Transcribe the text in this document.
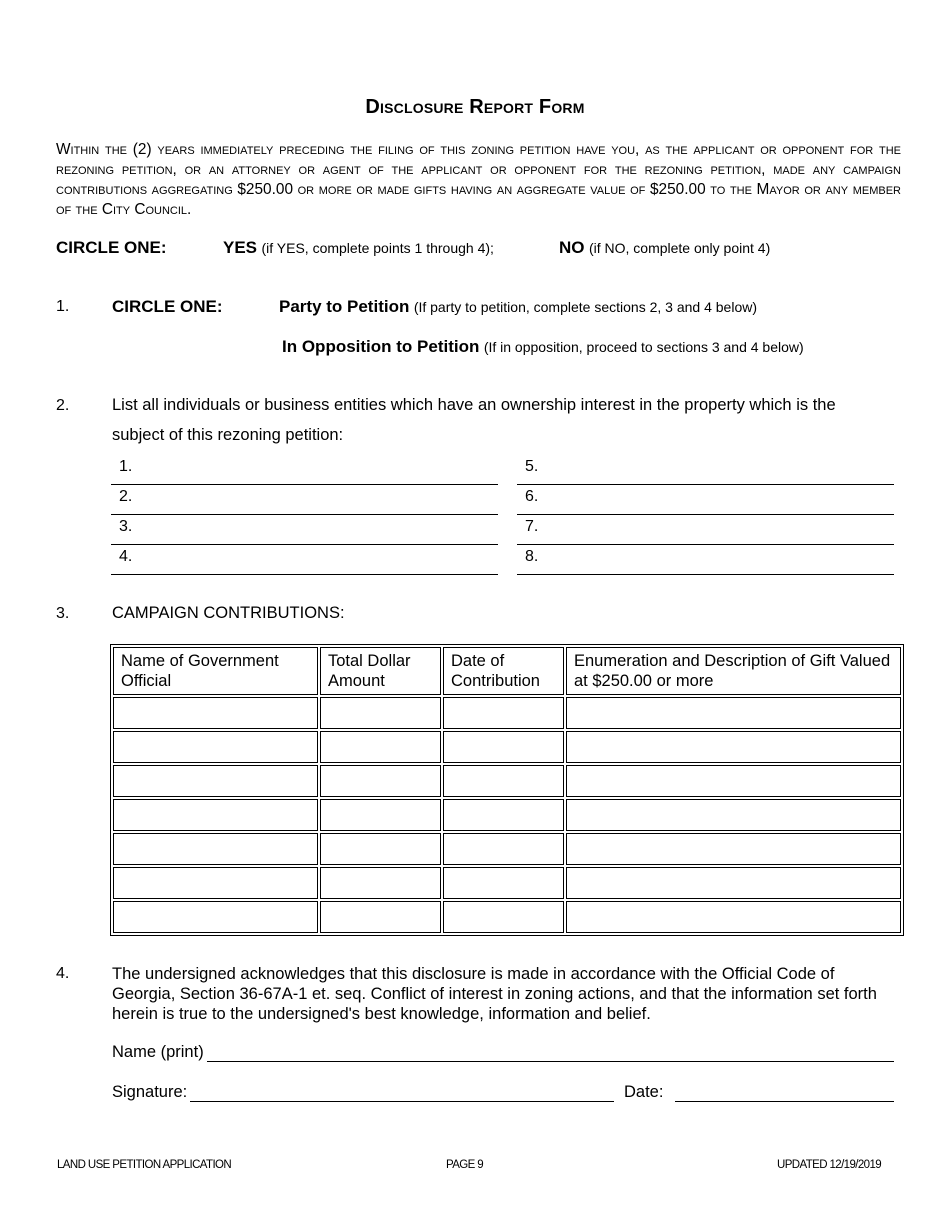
Disclosure Report Form
Within the (2) years immediately preceding the filing of this zoning petition have you, as the applicant or opponent for the rezoning petition, or an attorney or agent of the applicant or opponent for the rezoning petition, made any campaign contributions aggregating $250.00 or more or made gifts having an aggregate value of $250.00 to the Mayor or any member of the City Council.
CIRCLE ONE:	YES (if YES, complete points 1 through 4);	NO (if NO, complete only point 4)
1.	CIRCLE ONE:	Party to Petition (If party to petition, complete sections 2, 3 and 4 below)
In Opposition to Petition (If in opposition, proceed to sections 3 and 4 below)
2.	List all individuals or business entities which have an ownership interest in the property which is the subject of this rezoning petition:
1.
2.
3.
4.
5.
6.
7.
8.
3.	CAMPAIGN CONTRIBUTIONS:
Name of Government Official	Total Dollar Amount	Date of Contribution	Enumeration and Description of Gift Valued at $250.00 or more

4.	The undersigned acknowledges that this disclosure is made in accordance with the Official Code of Georgia, Section 36-67A-1 et. seq. Conflict of interest in zoning actions, and that the information set forth herein is true to the undersigned's best knowledge, information and belief.
Name (print)
Signature:	Date:
LAND USE PETITION APPLICATION	PAGE 9	UPDATED 12/19/2019
